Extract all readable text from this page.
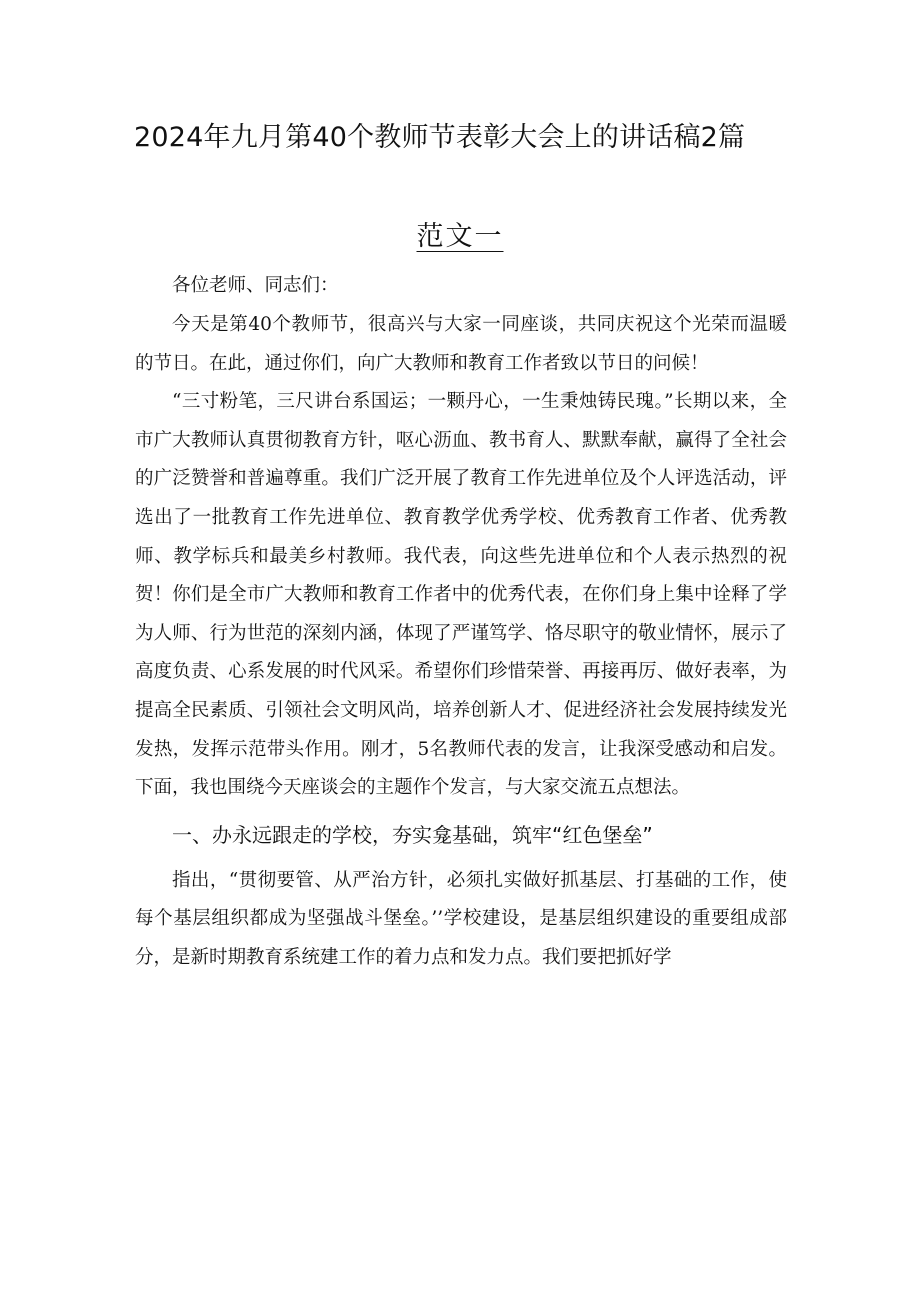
2024年九月第40个教师节表彰大会上的讲话稿2篇
范文一

各位老师、同志们：

今天是第40个教师节，很高兴与大家一同座谈，共同庆祝这个光荣而温暖的节日。在此，通过你们，向广大教师和教育工作者致以节日的问候！

“三寸粉笔，三尺讲台系国运；一颗丹心，一生秉烛铸民瑰。”长期以来，全市广大教师认真贯彻教育方针，呕心沥血、教书育人、默默奉献，赢得了全社会的广泛赞誉和普遍尊重。我们广泛开展了教育工作先进单位及个人评选活动，评选出了一批教育工作先进单位、教育教学优秀学校、优秀教育工作者、优秀教师、教学标兵和最美乡村教师。我代表，向这些先进单位和个人表示热烈的祝贺！你们是全市广大教师和教育工作者中的优秀代表，在你们身上集中诠释了学为人师、行为世范的深刻内涵，体现了严谨笃学、恪尽职守的敬业情怀，展示了高度负责、心系发展的时代风采。希望你们珍惜荣誉、再接再厉、做好表率，为提高全民素质、引领社会文明风尚，培养创新人才、促进经济社会发展持续发光发热，发挥示范带头作用。刚才，5名教师代表的发言，让我深受感动和启发。下面，我也围绕今天座谈会的主题作个发言，与大家交流五点想法。

一、办永远跟走的学校，夯实龛基础，筑牢“红色堡垒”

指出，“贯彻要管、从严治方针，必须扎实做好抓基层、打基础的工作，使每个基层组织都成为坚强战斗堡垒。’’学校建设，是基层组织建设的重要组成部分，是新时期教育系统建工作的着力点和发力点。我们要把抓好学
